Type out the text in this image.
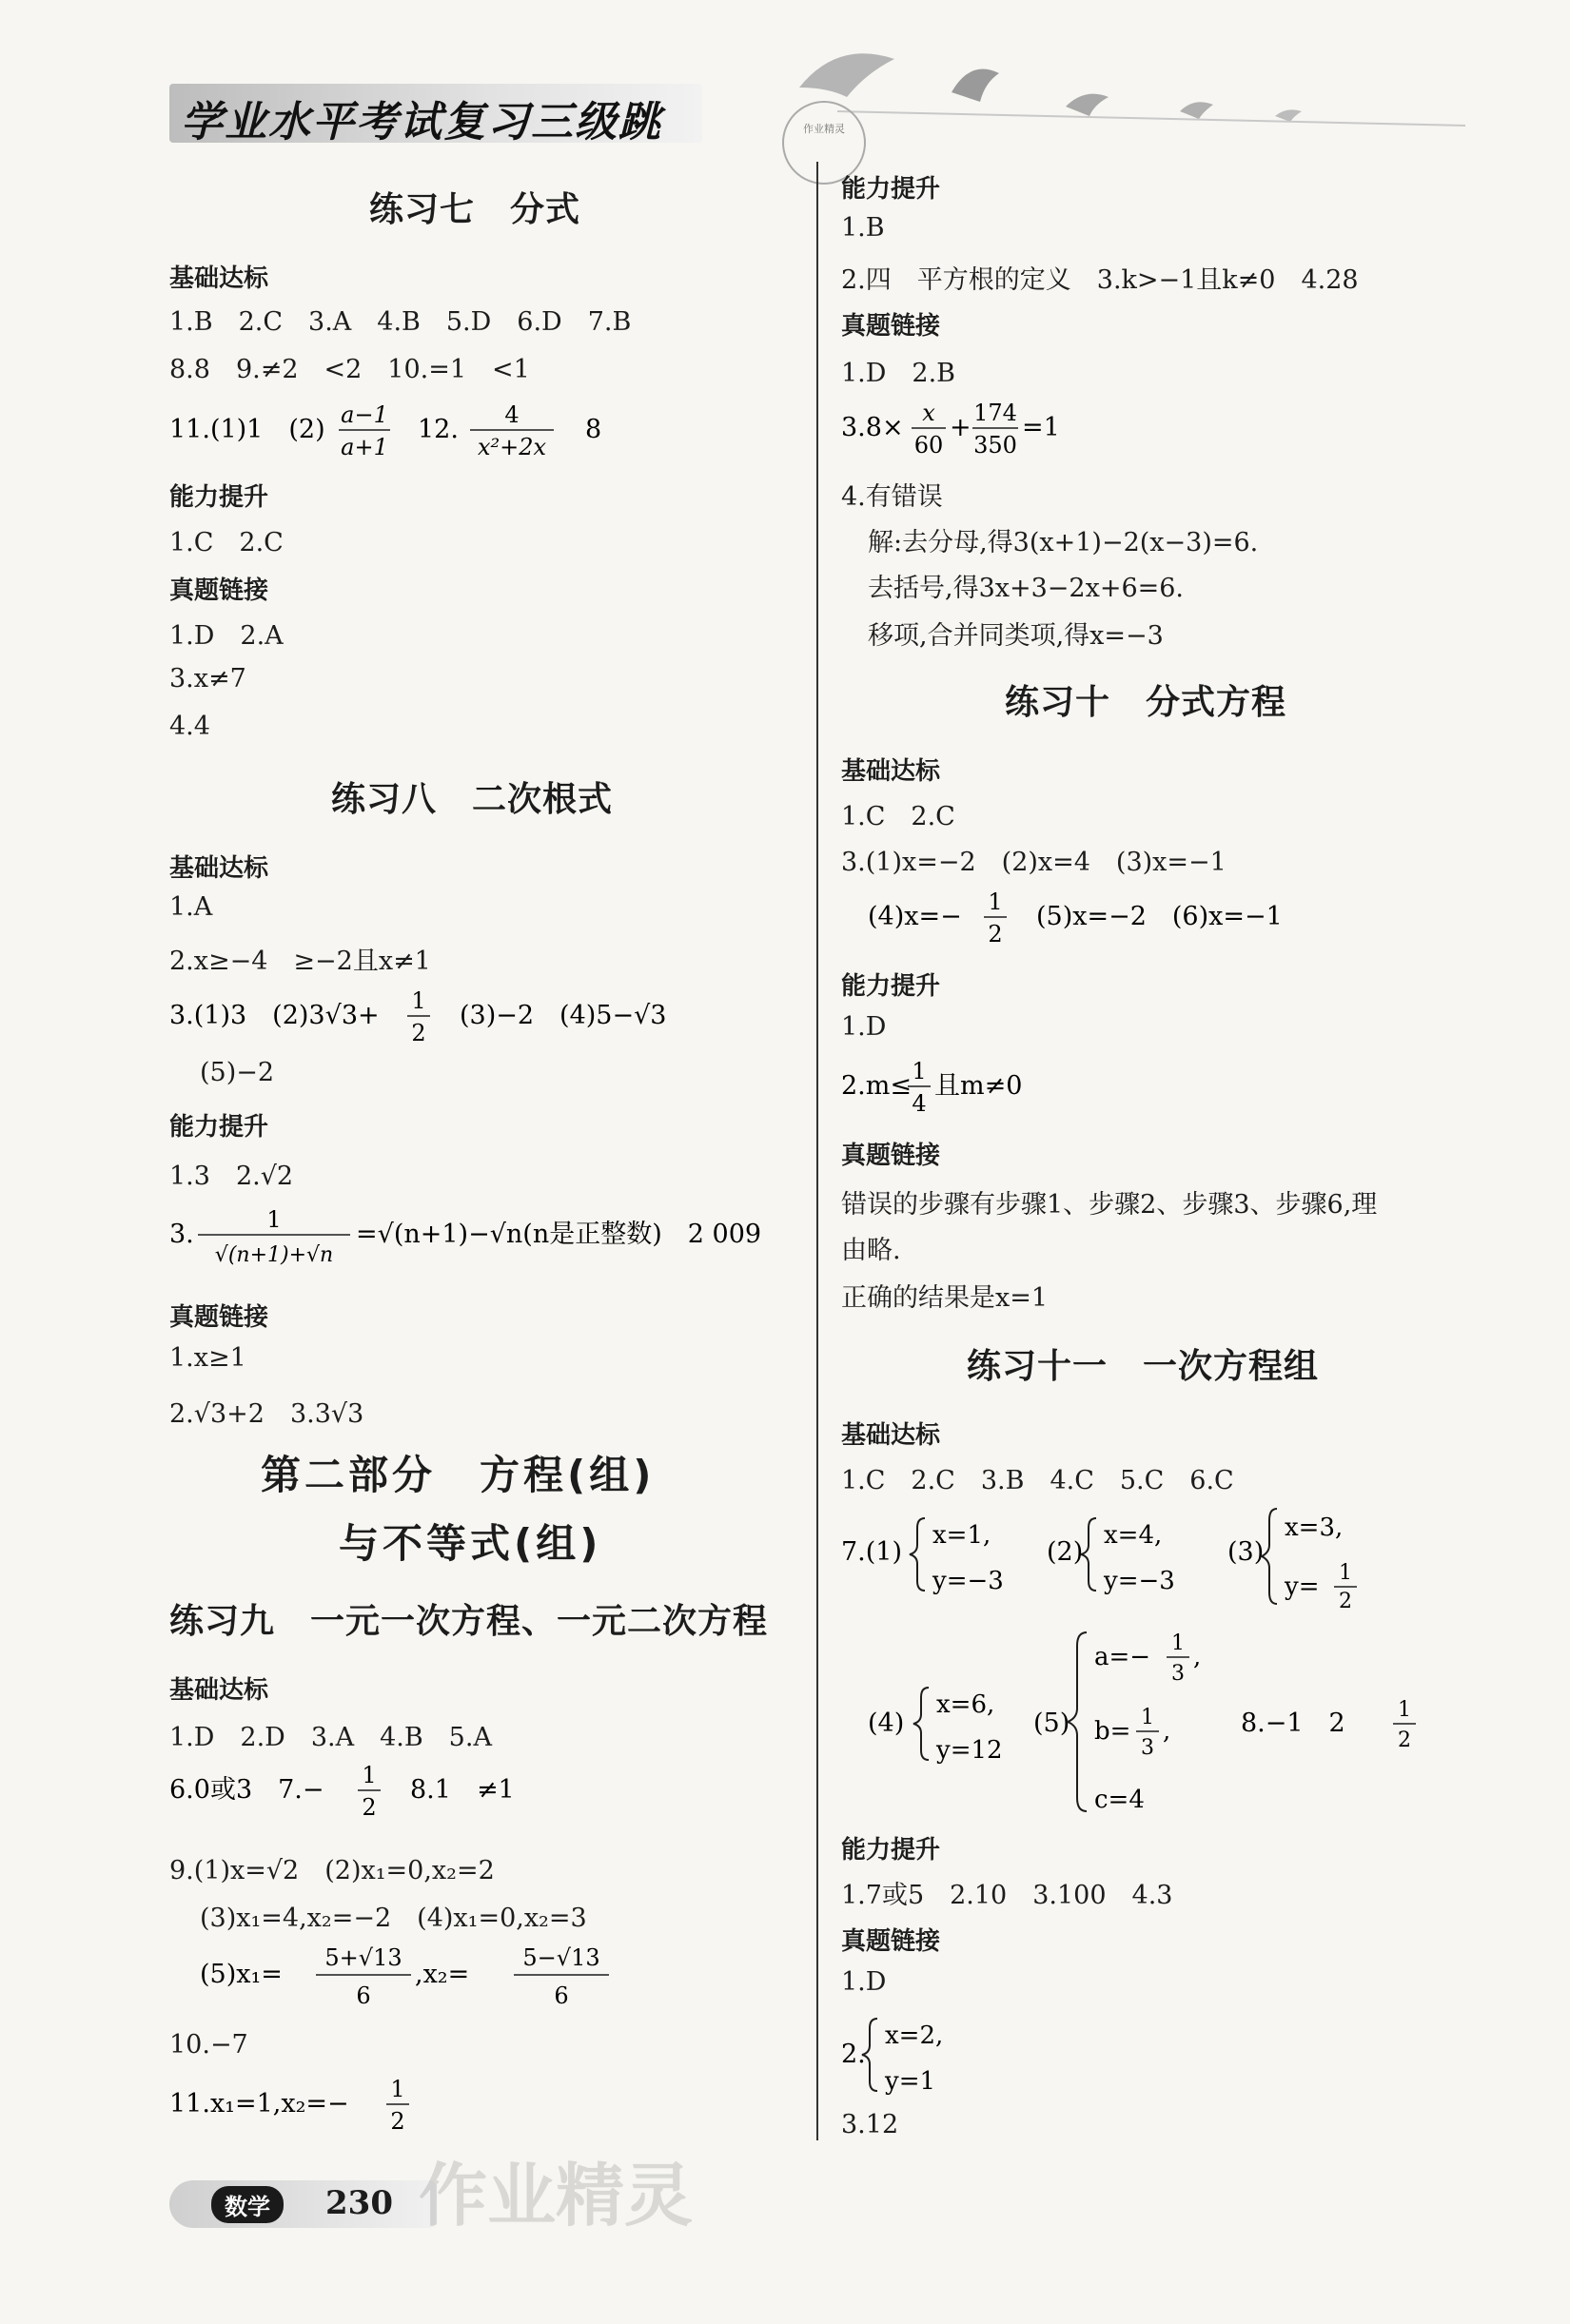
学业水平考试复习三级跳	作业精灵
练习七　分式
基础达标
1.B　2.C　3.A　4.B　5.D　6.D　7.B
8.8　9.≠2　<2　10.=1　<1
11.(1)1　(2) a−1
a+1
　12. 4
x²+2x
　8
能力提升
1.C　2.C
真题链接
1.D　2.A
3.x≠7
4.4
练习八　二次根式
基础达标
1.A
2.x≥−4　≥−2且x≠1
3.(1)3　(2)3√3+ 1
2
　(3)−2　(4)5−√3
(5)−2
能力提升
1.3　2.√2
3.	1
√(n+1)+√n
=√(n+1)−√n(n是正整数)　2 009
真题链接
1.x≥1
2.√3+2　3.3√3
第二部分　方程(组)
与不等式(组)
练习九　一元一次方程、一元二次方程
基础达标
1.D　2.D　3.A　4.B　5.A
6.0或3　7.− 1
2
　8.1　≠1
9.(1)x=√2　(2)x₁=0,x₂=2
(3)x₁=4,x₂=−2　(4)x₁=0,x₂=3
(5)x₁=
5+√13
6
,x₂=
5−√13
6
10.−7
11.x₁=1,x₂=− 1
2
能力提升
1.B
2.四　平方根的定义　3.k>−1且k≠0　4.28
真题链接
1.D　2.B
3.8× x
60
+ 174
350
=1
4.有错误
解:去分母,得3(x+1)−2(x−3)=6.
去括号,得3x+3−2x+6=6.
移项,合并同类项,得x=−3
练习十　分式方程
基础达标
1.C　2.C
3.(1)x=−2　(2)x=4　(3)x=−1
(4)x=− 1
2
　(5)x=−2　(6)x=−1
能力提升
1.D
2.m≤ 1
4
且m≠0
真题链接
错误的步骤有步骤1、步骤2、步骤3、步骤6,理
由略.
正确的结果是x=1
练习十一　一次方程组
基础达标
1.C　2.C　3.B　4.C　5.C　6.C
7.(1)
x=1,
y=−3
(2)
x=4,
y=−3
(3)
x=3,
y= 1
2
(4)
x=6,
y=12
(5)
a=− 1
3
,
b= 1
3
,
c=4
8.−1　2　 1
2
能力提升
1.7或5　2.10　3.100　4.3
真题链接
1.D
2.
x=2,
y=1
3.12
数学	230 作业精灵
